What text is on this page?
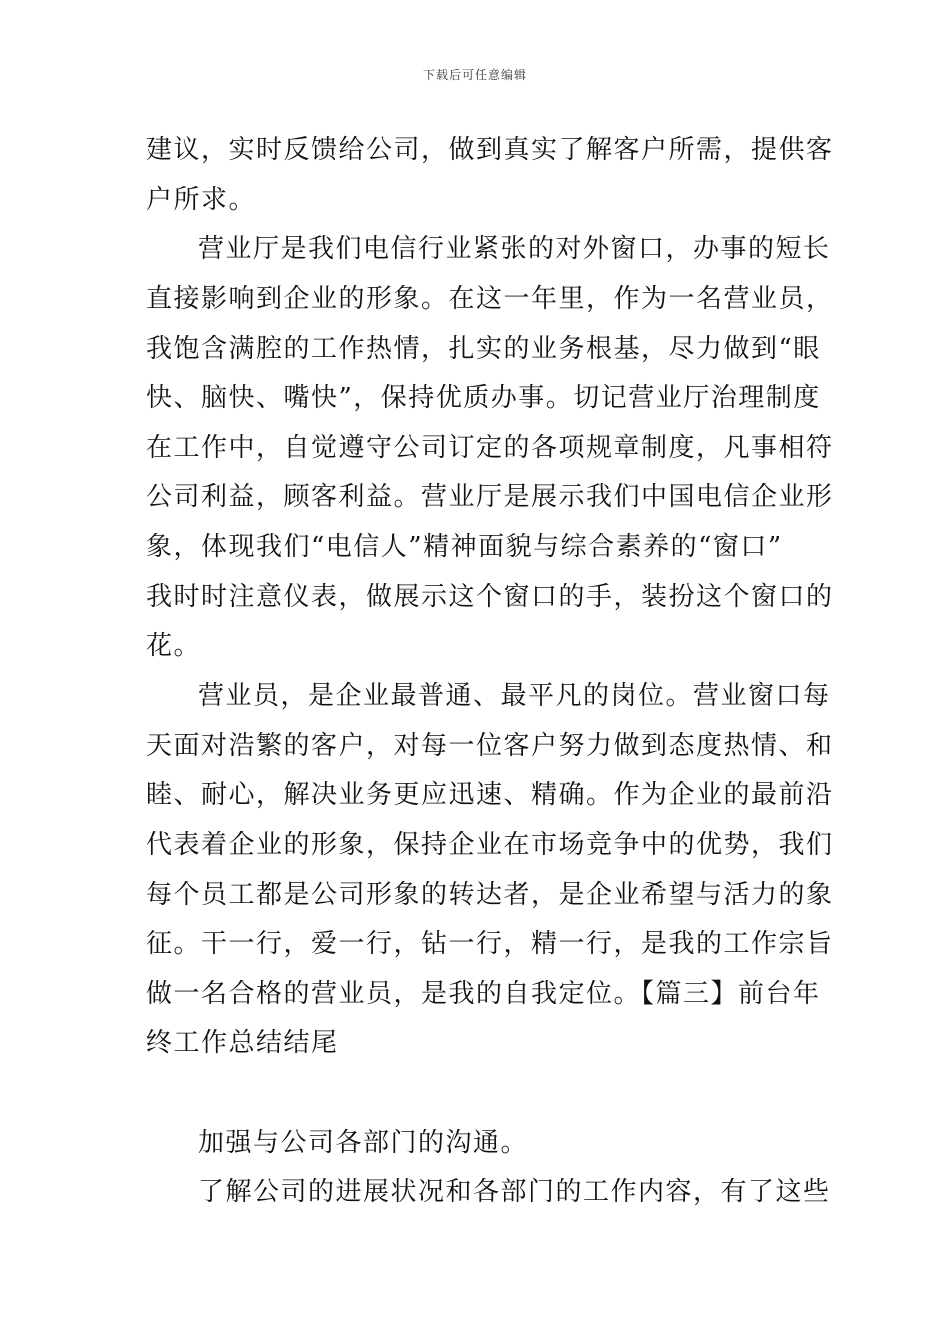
下载后可任意编辑
建议，实时反馈给公司，做到真实了解客户所需，提供客
户所求。
营业厅是我们电信行业紧张的对外窗口，办事的短长
直接影响到企业的形象。在这一年里，作为一名营业员，
我饱含满腔的工作热情，扎实的业务根基，尽力做到“眼
快、脑快、嘴快”，保持优质办事。切记营业厅治理制度
在工作中，自觉遵守公司订定的各项规章制度，凡事相符
公司利益，顾客利益。营业厅是展示我们中国电信企业形
象，体现我们“电信人”精神面貌与综合素养的“窗口”
我时时注意仪表，做展示这个窗口的手，装扮这个窗口的
花。
营业员，是企业最普通、最平凡的岗位。营业窗口每
天面对浩繁的客户，对每一位客户努力做到态度热情、和
睦、耐心，解决业务更应迅速、精确。作为企业的最前沿
代表着企业的形象，保持企业在市场竞争中的优势，我们
每个员工都是公司形象的转达者，是企业希望与活力的象
征。干一行，爱一行，钻一行，精一行，是我的工作宗旨
做一名合格的营业员，是我的自我定位。【篇三】前台年
终工作总结结尾
加强与公司各部门的沟通。
了解公司的进展状况和各部门的工作内容，有了这些
